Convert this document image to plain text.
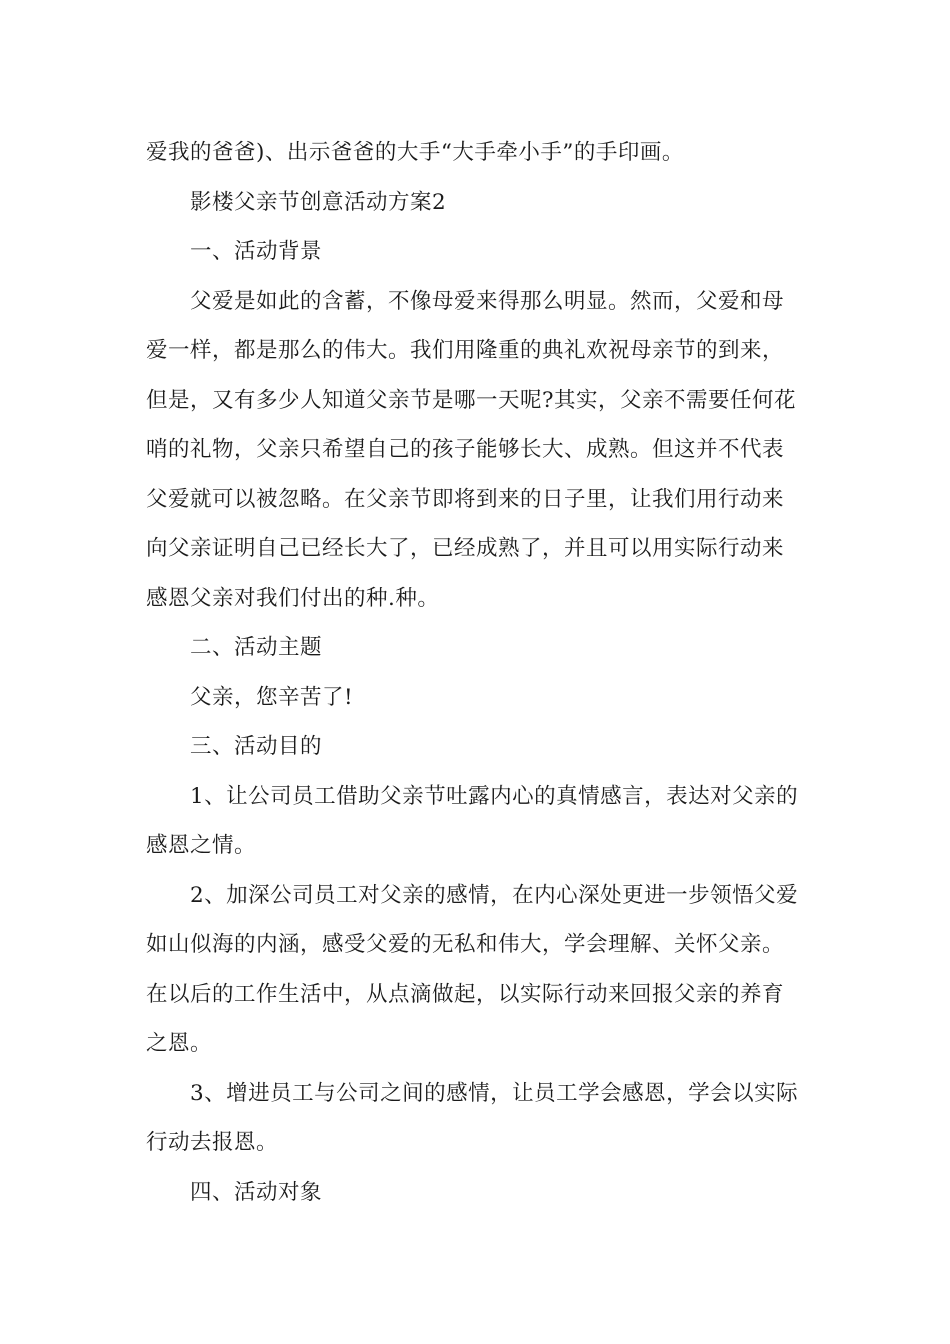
爱我的爸爸)、出示爸爸的大手“大手牵小手”的手印画。
影楼父亲节创意活动方案2
一、活动背景
父爱是如此的含蓄，不像母爱来得那么明显。然而，父爱和母
爱一样，都是那么的伟大。我们用隆重的典礼欢祝母亲节的到来，
但是，又有多少人知道父亲节是哪一天呢?其实，父亲不需要任何花
哨的礼物，父亲只希望自己的孩子能够长大、成熟。但这并不代表
父爱就可以被忽略。在父亲节即将到来的日子里，让我们用行动来
向父亲证明自己已经长大了，已经成熟了，并且可以用实际行动来
感恩父亲对我们付出的种.种。
二、活动主题
父亲，您辛苦了!
三、活动目的
1、让公司员工借助父亲节吐露内心的真情感言，表达对父亲的
感恩之情。
2、加深公司员工对父亲的感情，在内心深处更进一步领悟父爱
如山似海的内涵，感受父爱的无私和伟大，学会理解、关怀父亲。
在以后的工作生活中，从点滴做起，以实际行动来回报父亲的养育
之恩。
3、增进员工与公司之间的感情，让员工学会感恩，学会以实际
行动去报恩。
四、活动对象
